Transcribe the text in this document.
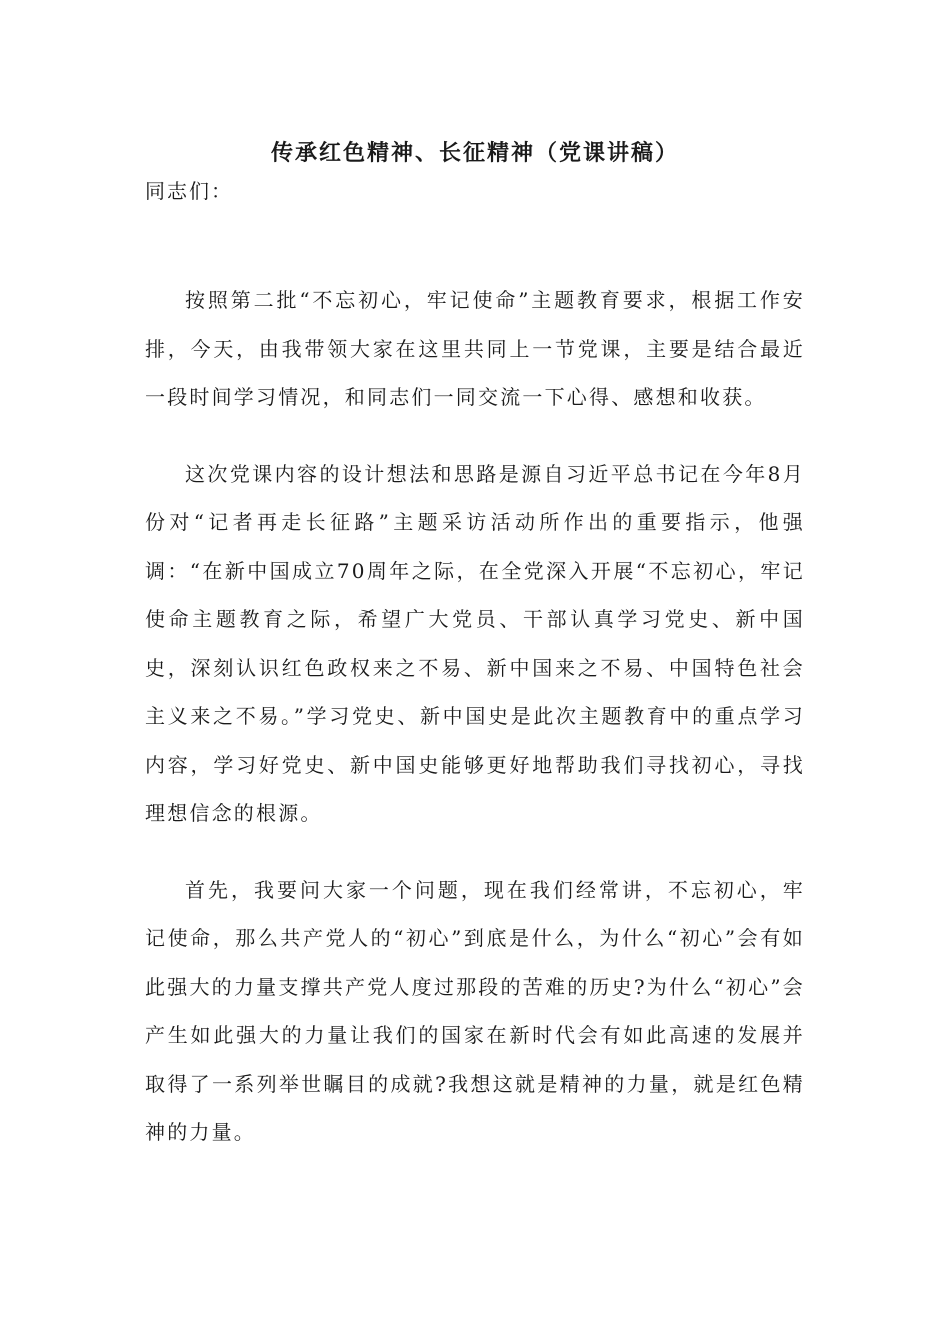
传承红色精神、长征精神（党课讲稿）

同志们：

按照第二批“不忘初心，牢记使命”主题教育要求，根据工作安排，今天，由我带领大家在这里共同上一节党课，主要是结合最近一段时间学习情况，和同志们一同交流一下心得、感想和收获。

这次党课内容的设计想法和思路是源自习近平总书记在今年8月份对“记者再走长征路”主题采访活动所作出的重要指示，他强调：“在新中国成立70周年之际，在全党深入开展“不忘初心，牢记使命主题教育之际，希望广大党员、干部认真学习党史、新中国史，深刻认识红色政权来之不易、新中国来之不易、中国特色社会主义来之不易。”学习党史、新中国史是此次主题教育中的重点学习内容，学习好党史、新中国史能够更好地帮助我们寻找初心，寻找理想信念的根源。

首先，我要问大家一个问题，现在我们经常讲，不忘初心，牢记使命，那么共产党人的“初心”到底是什么，为什么“初心”会有如此强大的力量支撑共产党人度过那段的苦难的历史?为什么“初心”会产生如此强大的力量让我们的国家在新时代会有如此高速的发展并取得了一系列举世瞩目的成就?我想这就是精神的力量，就是红色精神的力量。
